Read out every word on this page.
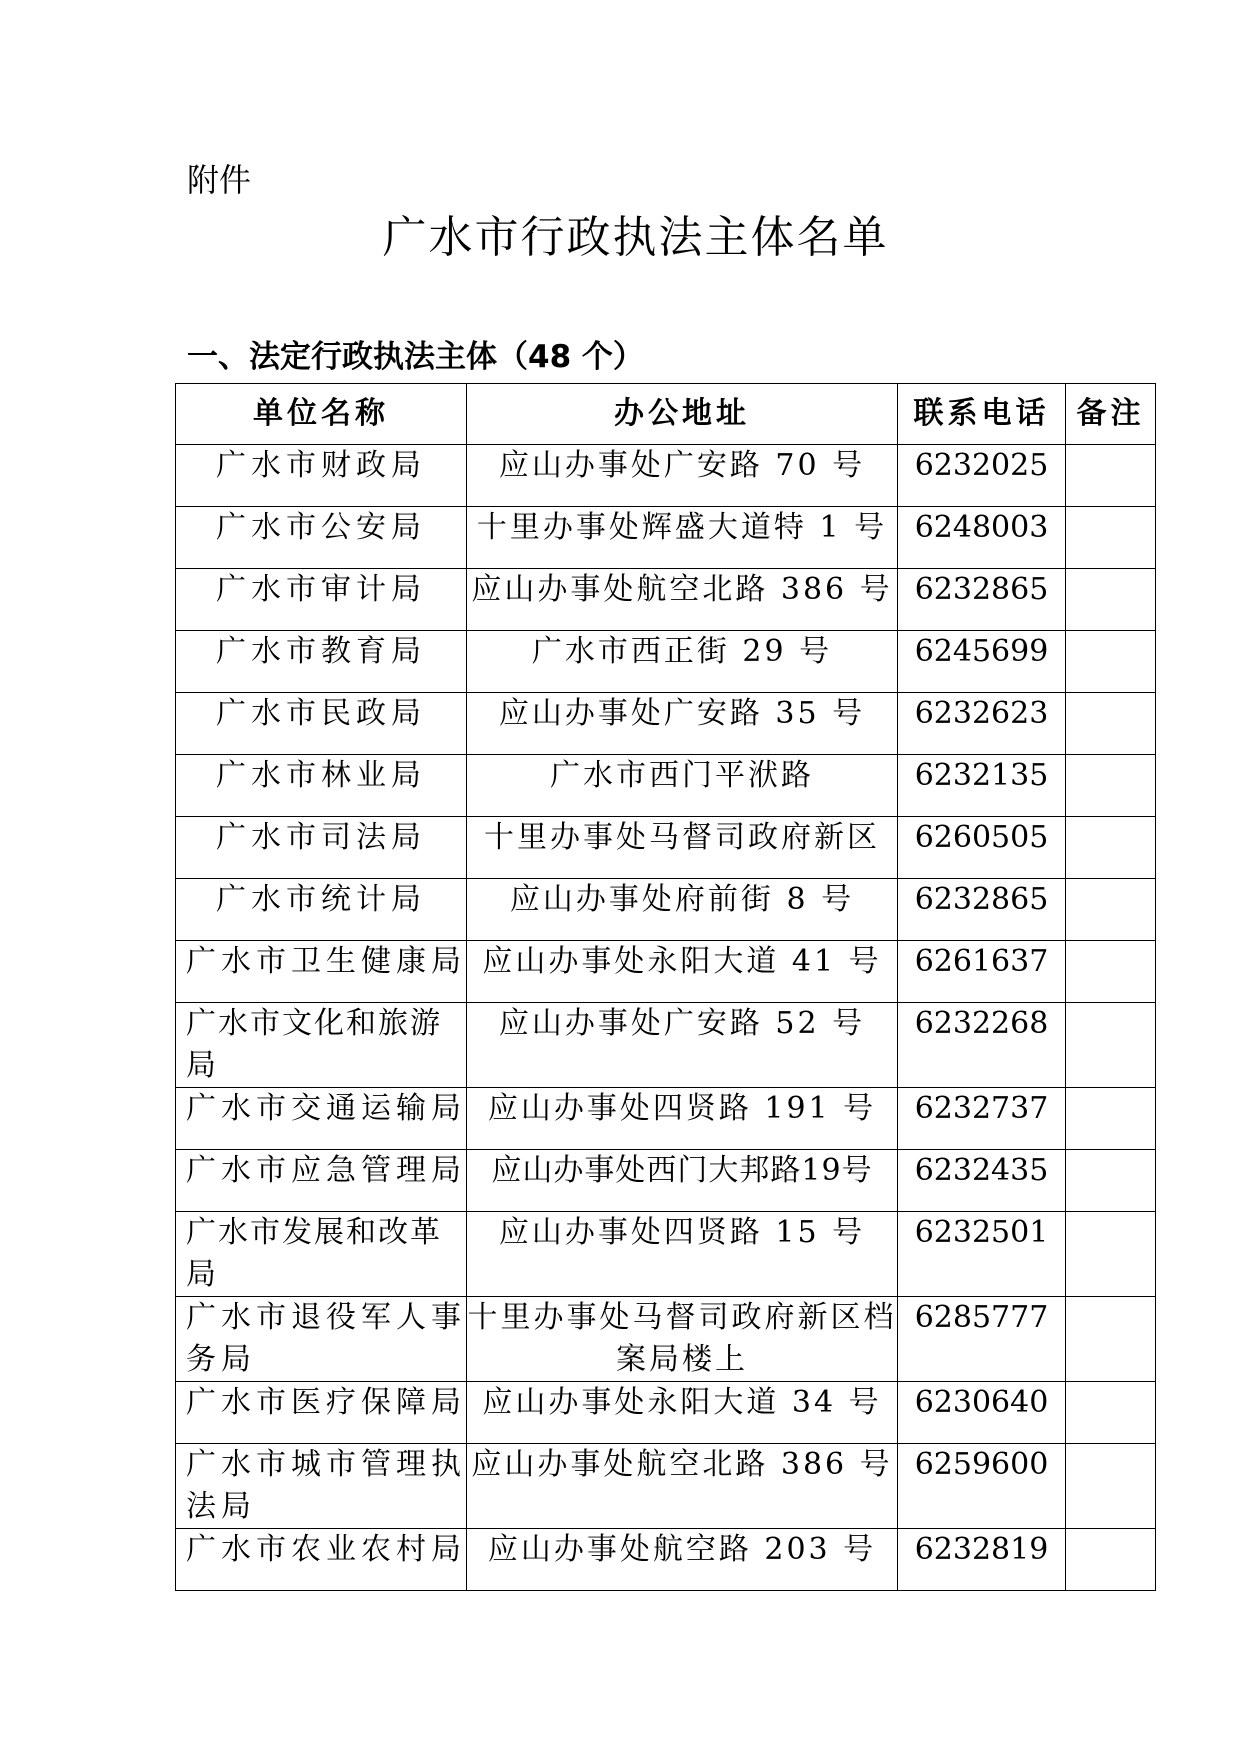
附件
广水市行政执法主体名单
一、法定行政执法主体（48 个）
单位名称	办公地址	联系电话	备注
广水市财政局	应山办事处广安路 70 号	6232025	
广水市公安局	十里办事处辉盛大道特 1 号	6248003	
广水市审计局	应山办事处航空北路 386 号	6232865	
广水市教育局	广水市西正街 29 号	6245699	
广水市民政局	应山办事处广安路 35 号	6232623	
广水市林业局	广水市西门平洑路	6232135	
广水市司法局	十里办事处马督司政府新区	6260505	
广水市统计局	应山办事处府前街 8 号	6232865	
广水市卫生健康局	应山办事处永阳大道 41 号	6261637	
广水市文化和旅游局	应山办事处广安路 52 号	6232268	
广水市交通运输局	应山办事处四贤路 191 号	6232737	
广水市应急管理局	应山办事处西门大邦路19号	6232435	
广水市发展和改革局	应山办事处四贤路 15 号	6232501	
广水市退役军人事务局	十里办事处马督司政府新区档案局楼上	6285777	
广水市医疗保障局	应山办事处永阳大道 34 号	6230640	
广水市城市管理执法局	应山办事处航空北路 386 号	6259600	
广水市农业农村局	应山办事处航空路 203 号	6232819	
